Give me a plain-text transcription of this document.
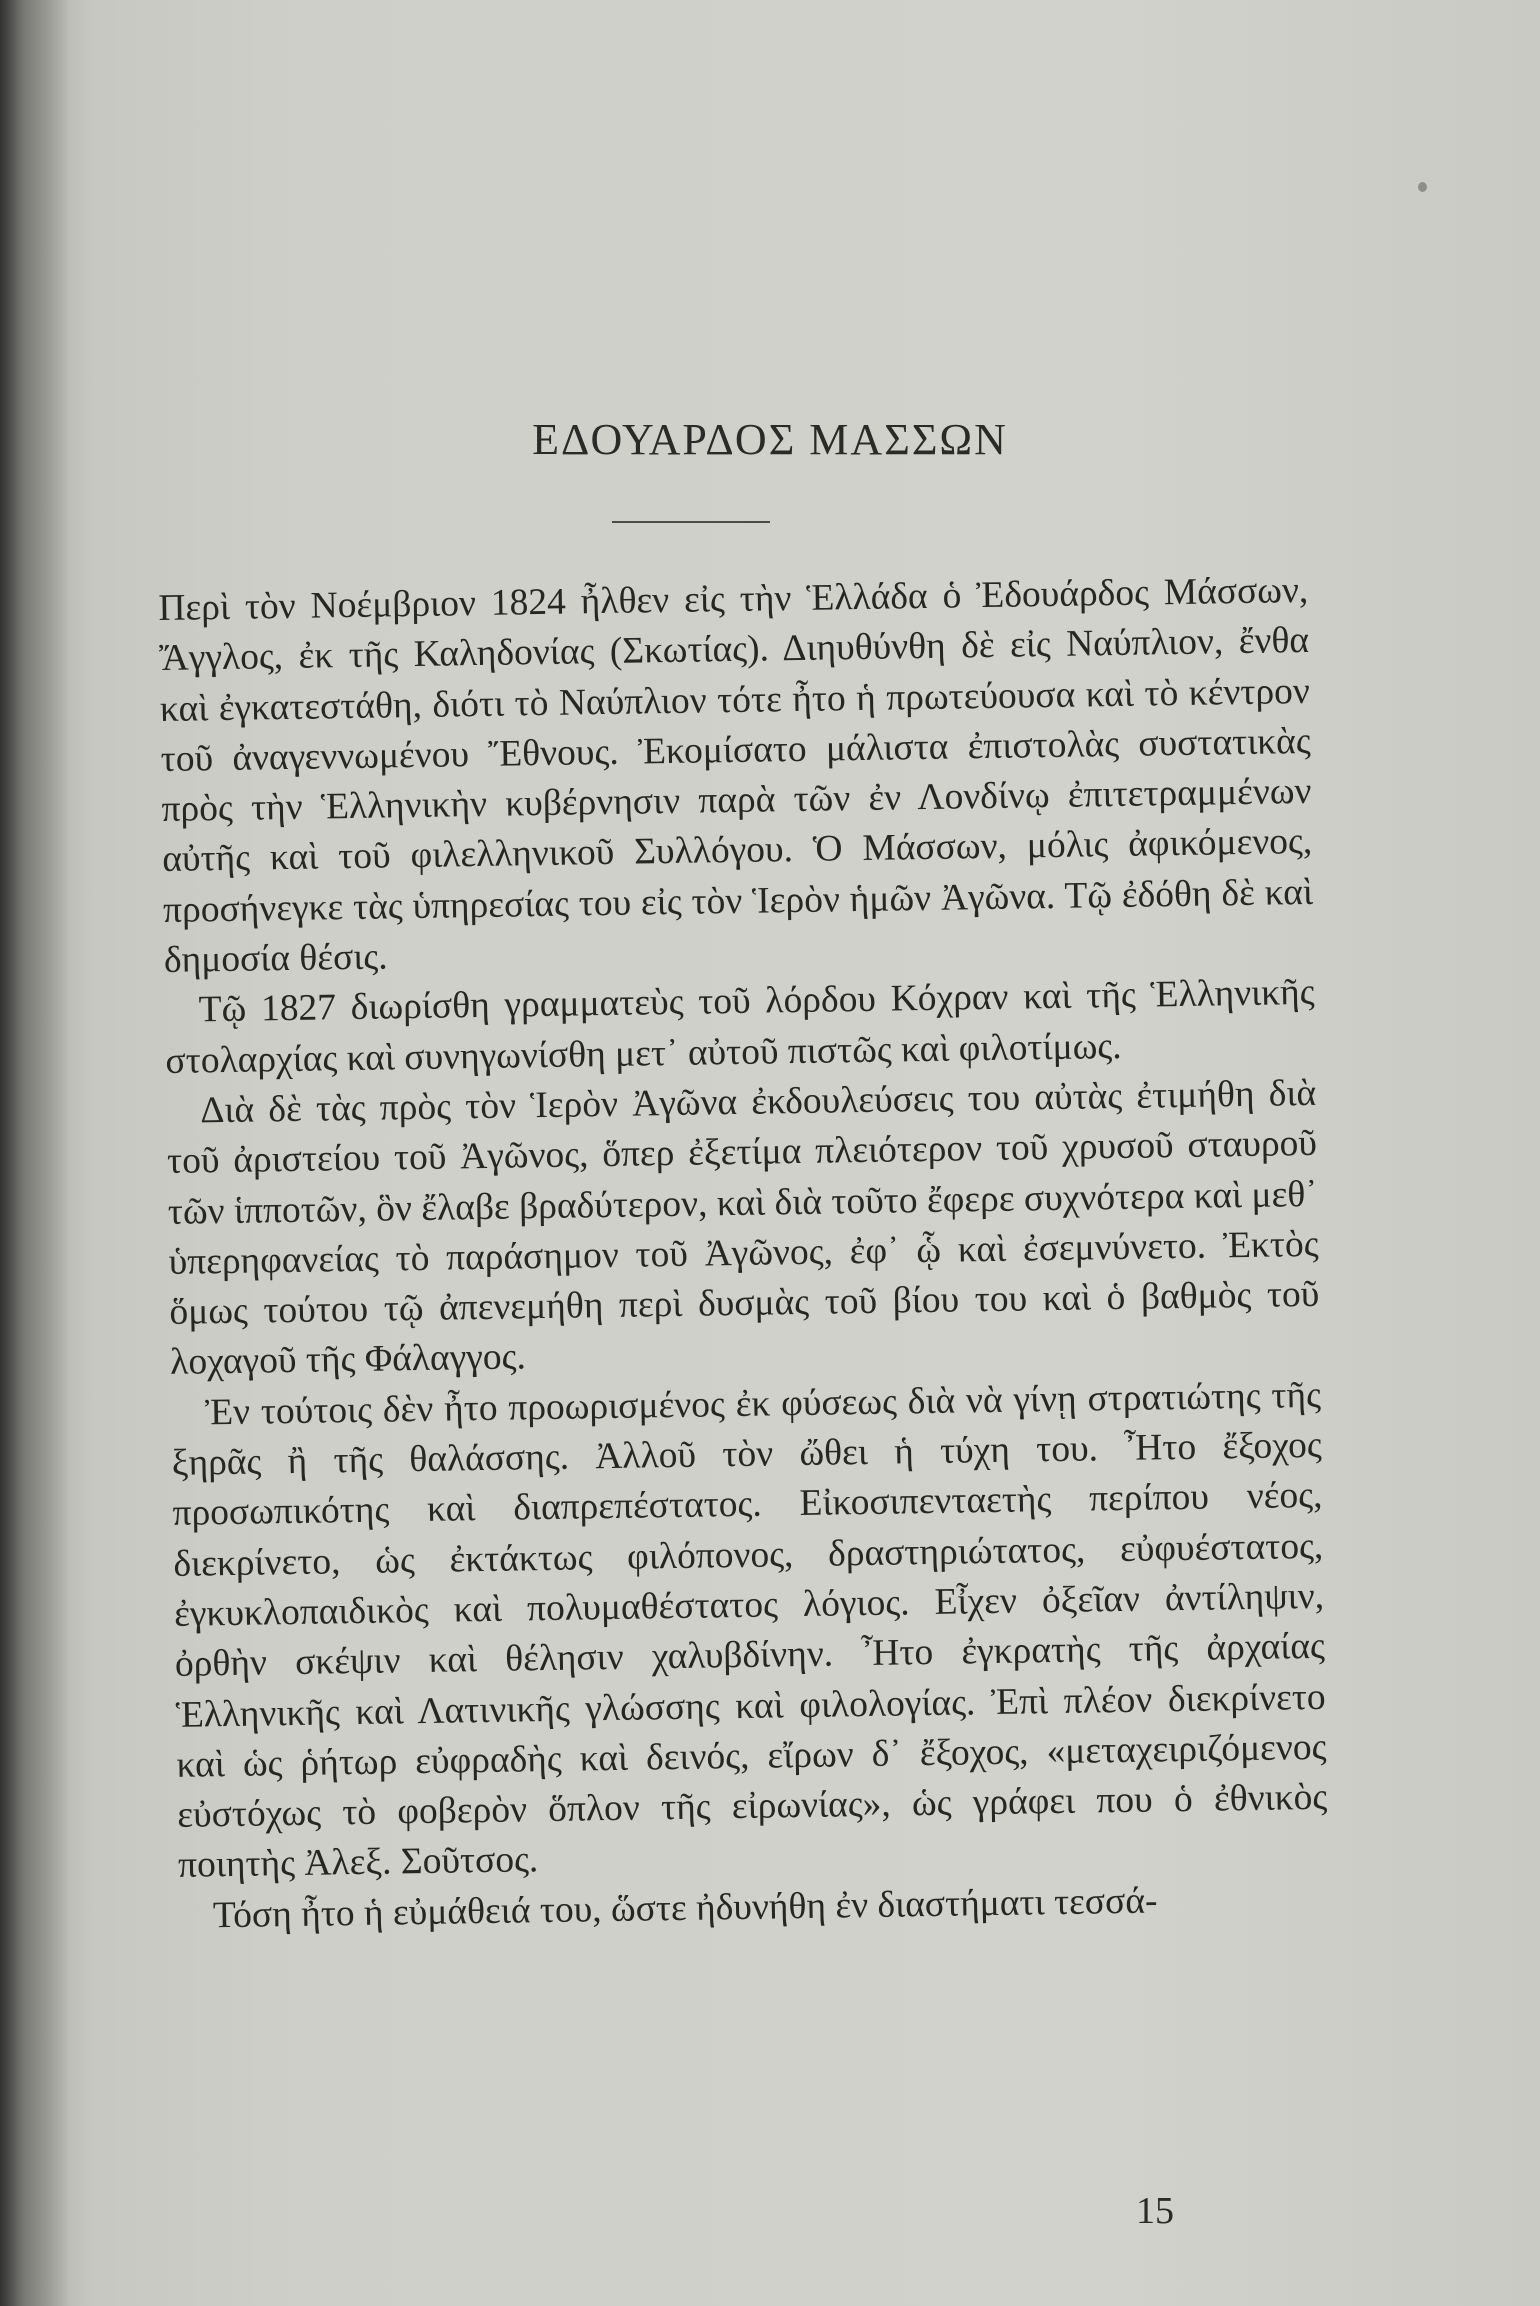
ΕΔΟΥΑΡΔΟΣ ΜΑΣΣΩΝ

Περὶ τὸν Νοέμβριον 1824 ἦλθεν εἰς τὴν Ἑλλάδα ὁ Ἐδουάρδος Μάσσων, Ἄγγλος, ἐκ τῆς Καληδονίας (Σκωτίας). Διηυθύνθη δὲ εἰς Ναύπλιον, ἔνθα καὶ ἐγκατεστάθη, διότι τὸ Ναύπλιον τότε ἦτο ἡ πρωτεύουσα καὶ τὸ κέντρον τοῦ ἀναγεννωμένου Ἔθνους. Ἐκομίσατο μάλιστα ἐπιστολὰς συστατικὰς πρὸς τὴν Ἑλληνικὴν κυβέρνησιν παρὰ τῶν ἐν Λονδίνῳ ἐπιτετραμμένων αὐτῆς καὶ τοῦ φιλελληνικοῦ Συλλόγου. Ὁ Μάσσων, μόλις ἀφικόμενος, προσήνεγκε τὰς ὑπηρεσίας του εἰς τὸν Ἱερὸν ἡμῶν Ἀγῶνα. Τῷ ἐδόθη δὲ καὶ δημοσία θέσις.

Τῷ 1827 διωρίσθη γραμματεὺς τοῦ λόρδου Κόχραν καὶ τῆς Ἑλληνικῆς στολαρχίας καὶ συνηγωνίσθη μετ᾽ αὐτοῦ πιστῶς καὶ φιλοτίμως.

Διὰ δὲ τὰς πρὸς τὸν Ἱερὸν Ἀγῶνα ἐκδουλεύσεις του αὐτὰς ἐτιμήθη διὰ τοῦ ἀριστείου τοῦ Ἀγῶνος, ὅπερ ἐξετίμα πλειότερον τοῦ χρυσοῦ σταυροῦ τῶν ἱπποτῶν, ὃν ἔλαβε βραδύτερον, καὶ διὰ τοῦτο ἔφερε συχνότερα καὶ μεθ᾽ ὑπερηφανείας τὸ παράσημον τοῦ Ἀγῶνος, ἐφ᾽ ᾧ καὶ ἐσεμνύνετο. Ἐκτὸς ὅμως τούτου τῷ ἀπενεμήθη περὶ δυσμὰς τοῦ βίου του καὶ ὁ βαθμὸς τοῦ λοχαγοῦ τῆς Φάλαγγος.

Ἐν τούτοις δὲν ἦτο προωρισμένος ἐκ φύσεως διὰ νὰ γίνῃ στρατιώτης τῆς ξηρᾶς ἢ τῆς θαλάσσης. Ἀλλοῦ τὸν ὤθει ἡ τύχη του. Ἦτο ἔξοχος προσωπικότης καὶ διαπρεπέστατος. Εἰκοσιπενταετὴς περίπου νέος, διεκρίνετο, ὡς ἐκτάκτως φιλόπονος, δραστηριώτατος, εὐφυέστατος, ἐγκυκλοπαιδικὸς καὶ πολυμαθέστατος λόγιος. Εἶχεν ὀξεῖαν ἀντίληψιν, ὀρθὴν σκέψιν καὶ θέλησιν χαλυβδίνην. Ἦτο ἐγκρατὴς τῆς ἀρχαίας Ἑλληνικῆς καὶ Λατινικῆς γλώσσης καὶ φιλολογίας. Ἐπὶ πλέον διεκρίνετο καὶ ὡς ῥήτωρ εὐφραδὴς καὶ δεινός, εἴρων δ᾽ ἔξοχος, «μεταχειριζόμενος εὐστόχως τὸ φοβερὸν ὅπλον τῆς εἰρωνίας», ὡς γράφει που ὁ ἐθνικὸς ποιητὴς Ἀλεξ. Σοῦτσος.

Τόση ἦτο ἡ εὐμάθειά του, ὥστε ἠδυνήθη ἐν διαστήματι τεσσά-

15
